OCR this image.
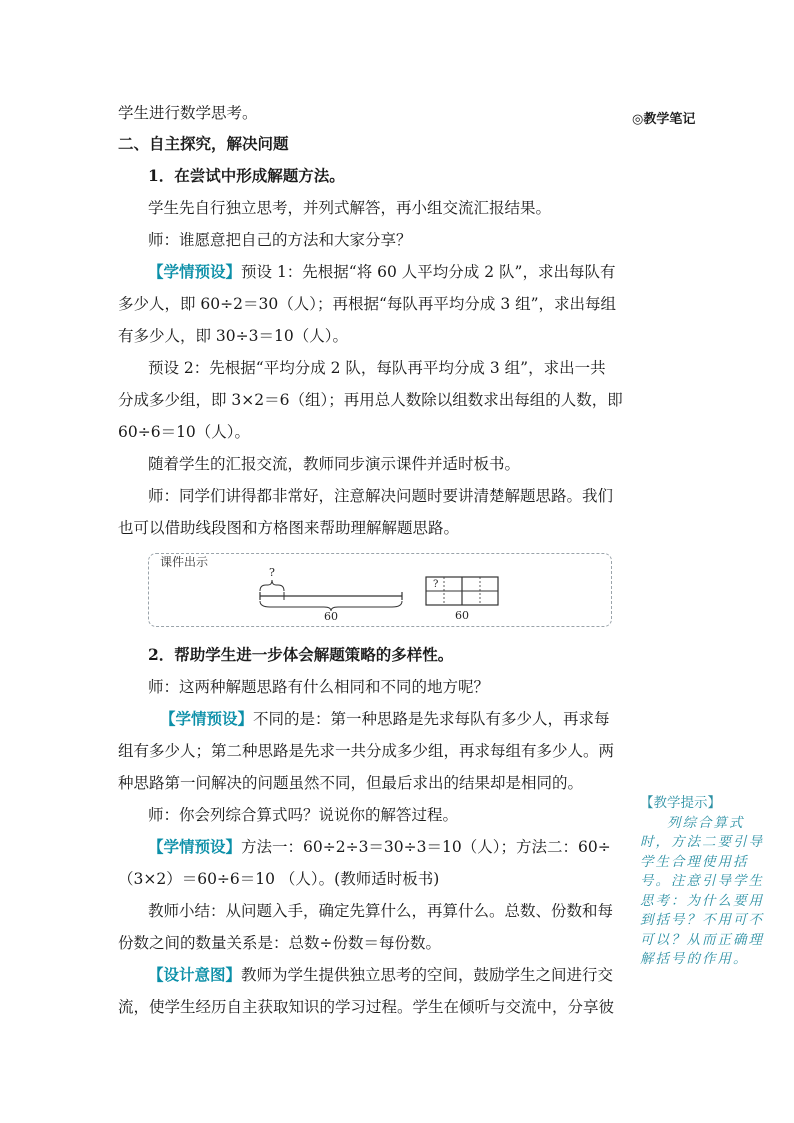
学生进行数学思考。	◎教学笔记
二、自主探究，解决问题
1．在尝试中形成解题方法。
学生先自行独立思考，并列式解答，再小组交流汇报结果。
师：谁愿意把自己的方法和大家分享？
【学情预设】预设 1：先根据“将 60 人平均分成 2 队”，求出每队有
多少人，即 60÷2＝30（人）；再根据“每队再平均分成 3 组”，求出每组
有多少人，即 30÷3＝10（人）。
预设 2：先根据“平均分成 2 队，每队再平均分成 3 组”，求出一共
分成多少组，即 3×2＝6（组）；再用总人数除以组数求出每组的人数，即
60÷6＝10（人）。
随着学生的汇报交流，教师同步演示课件并适时板书。
师：同学们讲得都非常好，注意解决问题时要讲清楚解题思路。我们
也可以借助线段图和方格图来帮助理解解题思路。
课件出示
?
60
?
60
2．帮助学生进一步体会解题策略的多样性。
师：这两种解题思路有什么相同和不同的地方呢？
【学情预设】不同的是：第一种思路是先求每队有多少人，再求每
组有多少人；第二种思路是先求一共分成多少组，再求每组有多少人。两
种思路第一问解决的问题虽然不同，但最后求出的结果却是相同的。
师：你会列综合算式吗？说说你的解答过程。
【学情预设】方法一：60÷2÷3＝30÷3＝10（人）；方法二：60÷
（3×2）＝60÷6＝10 （人）。(教师适时板书)
教师小结：从问题入手，确定先算什么，再算什么。总数、份数和每
份数之间的数量关系是：总数÷份数＝每份数。
【设计意图】教师为学生提供独立思考的空间，鼓励学生之间进行交
流，使学生经历自主获取知识的学习过程。学生在倾听与交流中，分享彼
【教学提示】
列综合算式时，方法二要引导学生合理使用括号。注意引导学生思考：为什么要用到括号？不用可不可以？从而正确理解括号的作用。
